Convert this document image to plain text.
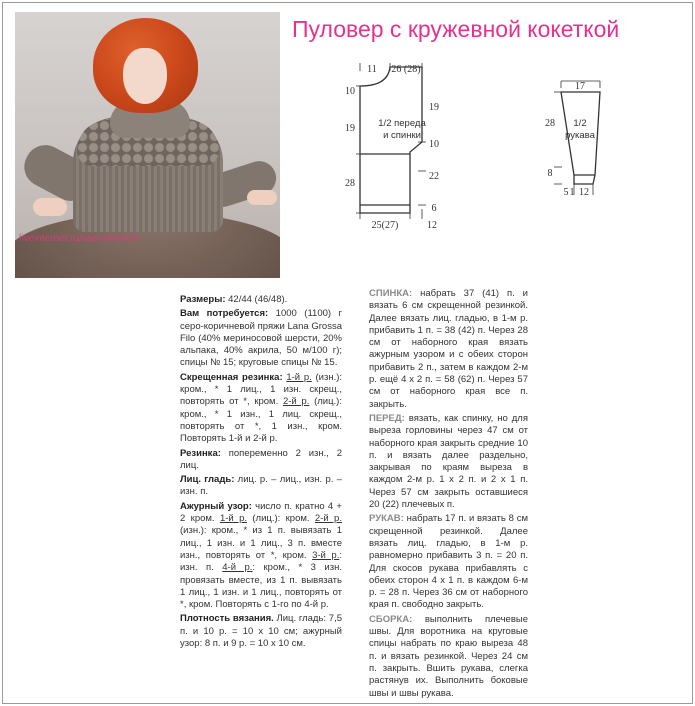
liveinternet.ru/users/Kirsti-k
Пуловер с кружевной кокеткой
11 26 (28)
10
19
28
19
10
22
6
25(27)	12
1/2 переда
и спинки
17
28
8
5 1 12
1/2
рукава

Размеры: 42/44 (46/48).

Вам потребуется: 1000 (1100) г серо-коричневой пряжи Lana Grossa Filo (40% мериносовой шерсти, 20% альпака, 40% акрила, 50 м/100 г); спицы № 15; круговые спицы № 15.

Скрещенная резинка: 1-й р. (изн.): кром., * 1 лиц., 1 изн. скрещ., повторять от *, кром. 2-й р. (лиц.): кром., * 1 изн., 1 лиц. скрещ., повторять от *, 1 изн., кром. Повторять 1-й и 2-й р.

Резинка: попеременно 2 изн., 2 лиц.

Лиц. гладь: лиц. р. – лиц., изн. р. – изн. п.

Ажурный узор: число п. кратно 4 + 2 кром. 1-й р. (лиц.): кром. 2-й р. (изн.): кром., * из 1 п. вывязать 1 лиц., 1 изн. и 1 лиц., 3 п. вместе изн., повторять от *, кром. 3-й р.: изн. п. 4-й р.: кром., * 3 изн. провязать вместе, из 1 п. вывязать 1 лиц., 1 изн. и 1 лиц., повторять от *, кром. Повторять с 1-го по 4-й р.

Плотность вязания. Лиц. гладь: 7,5 п. и 10 р. = 10 х 10 см; ажурный узор: 8 п. и 9 р. = 10 х 10 см.

СПИНКА: набрать 37 (41) п. и вязать 6 см скрещенной резинкой. Далее вязать лиц. гладью, в 1-м р. прибавить 1 п. = 38 (42) п. Через 28 см от наборного края вязать ажурным узором и с обеих сторон прибавить 2 п., затем в каждом 2-м р. ещё 4 х 2 п. = 58 (62) п. Через 57 см от наборного края все п. закрыть.

ПЕРЕД: вязать, как спинку, но для выреза горловины через 47 см от наборного края закрыть средние 10 п. и вязать далее раздельно, закрывая по краям выреза в каждом 2-м р. 1 х 2 п. и 2 х 1 п. Через 57 см закрыть оставшиеся 20 (22) плечевых п.

РУКАВ: набрать 17 п. и вязать 8 см скрещенной резинкой. Далее вязать лиц. гладью, в 1-м р. равномерно прибавить 3 п. = 20 п. Для скосов рукава прибавлять с обеих сторон 4 х 1 п. в каждом 6-м р. = 28 п. Через 36 см от наборного края п. свободно закрыть.

СБОРКА: выполнить плечевые швы. Для воротника на круговые спицы набрать по краю выреза 48 п. и вязать резинкой. Через 24 см п. закрыть. Вшить рукава, слегка растянув их. Выполнить боковые швы и швы рукава.
